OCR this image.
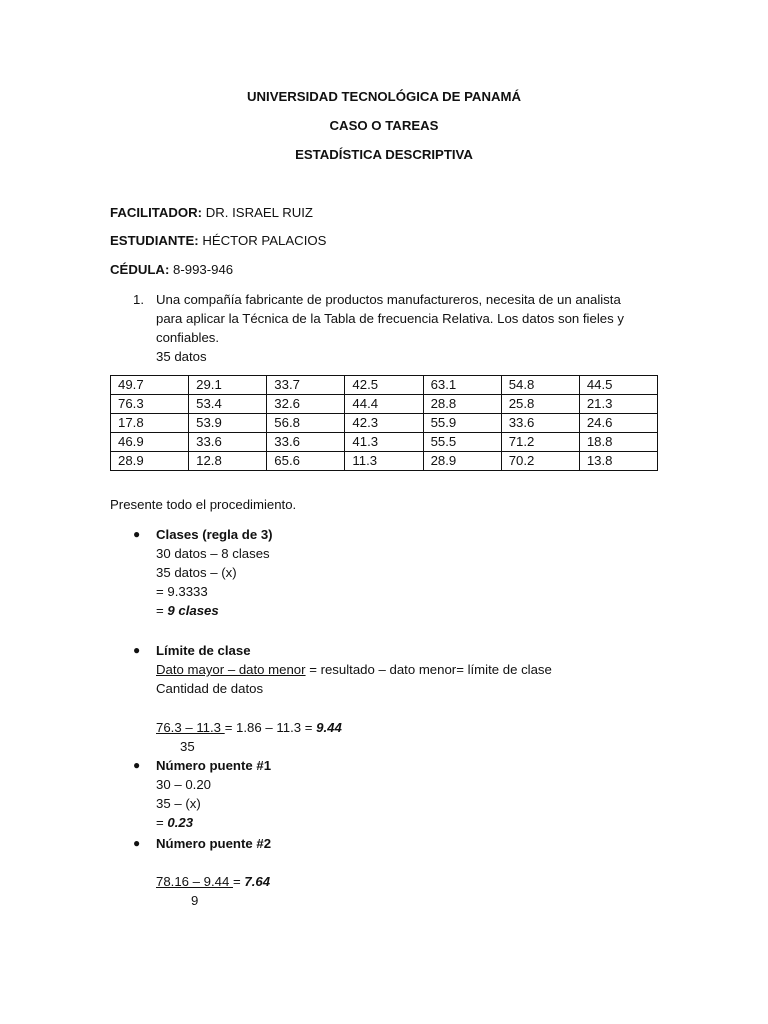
UNIVERSIDAD TECNOLÓGICA DE PANAMÁ
CASO O TAREAS
ESTADÍSTICA DESCRIPTIVA
FACILITADOR: DR. ISRAEL RUIZ
ESTUDIANTE: HÉCTOR PALACIOS
CÉDULA: 8-993-946
1. Una compañía fabricante de productos manufactureros, necesita de un analista
para aplicar la Técnica de la Tabla de frecuencia Relativa. Los datos son fieles y
confiables.
35 datos
49.7	29.1	33.7	42.5	63.1	54.8	44.5
76.3	53.4	32.6	44.4	28.8	25.8	21.3
17.8	53.9	56.8	42.3	55.9	33.6	24.6
46.9	33.6	33.6	41.3	55.5	71.2	18.8
28.9	12.8	65.6	11.3	28.9	70.2	13.8
Presente todo el procedimiento.
● Clases (regla de 3)
30 datos – 8 clases
35 datos – (x)
= 9.3333
= 9 clases
● Límite de clase
Dato mayor – dato menor = resultado – dato menor= límite de clase
Cantidad de datos
76.3 – 11.3 = 1.86 – 11.3 = 9.44
35
● Número puente #1
30 – 0.20
35 – (x)
= 0.23
● Número puente #2
78.16 – 9.44 = 7.64
9
